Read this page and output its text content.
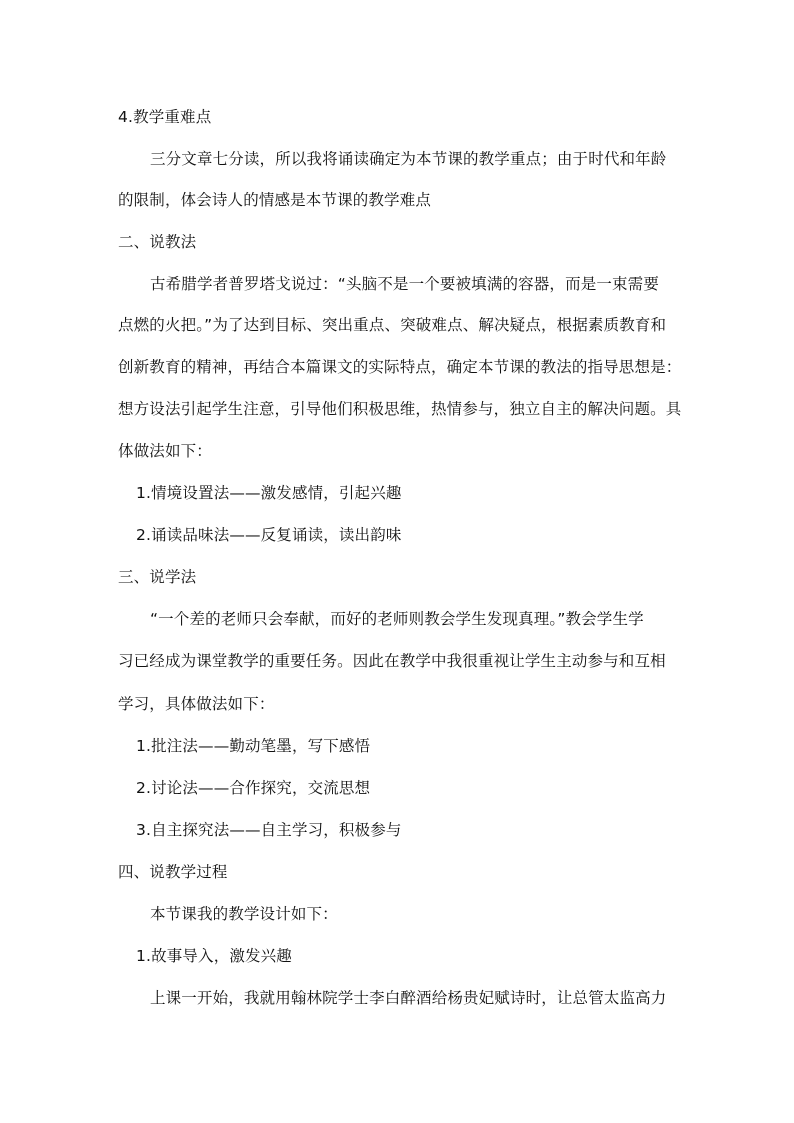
4.教学重难点

三分文章七分读，所以我将诵读确定为本节课的教学重点；由于时代和年龄

的限制，体会诗人的情感是本节课的教学难点

二、说教法

古希腊学者普罗塔戈说过：“头脑不是一个要被填满的容器，而是一束需要

点燃的火把。”为了达到目标、突出重点、突破难点、解决疑点，根据素质教育和

创新教育的精神，再结合本篇课文的实际特点，确定本节课的教法的指导思想是：

想方设法引起学生注意，引导他们积极思维，热情参与，独立自主的解决问题。具

体做法如下：

1.情境设置法——激发感情，引起兴趣

2.诵读品味法——反复诵读，读出韵味

三、说学法

“一个差的老师只会奉献，而好的老师则教会学生发现真理。”教会学生学

习已经成为课堂教学的重要任务。因此在教学中我很重视让学生主动参与和互相

学习，具体做法如下：

1.批注法——勤动笔墨，写下感悟

2.讨论法——合作探究，交流思想

3.自主探究法——自主学习，积极参与

四、说教学过程

本节课我的教学设计如下：

1.故事导入，激发兴趣

上课一开始，我就用翰林院学士李白醉酒给杨贵妃赋诗时，让总管太监高力
